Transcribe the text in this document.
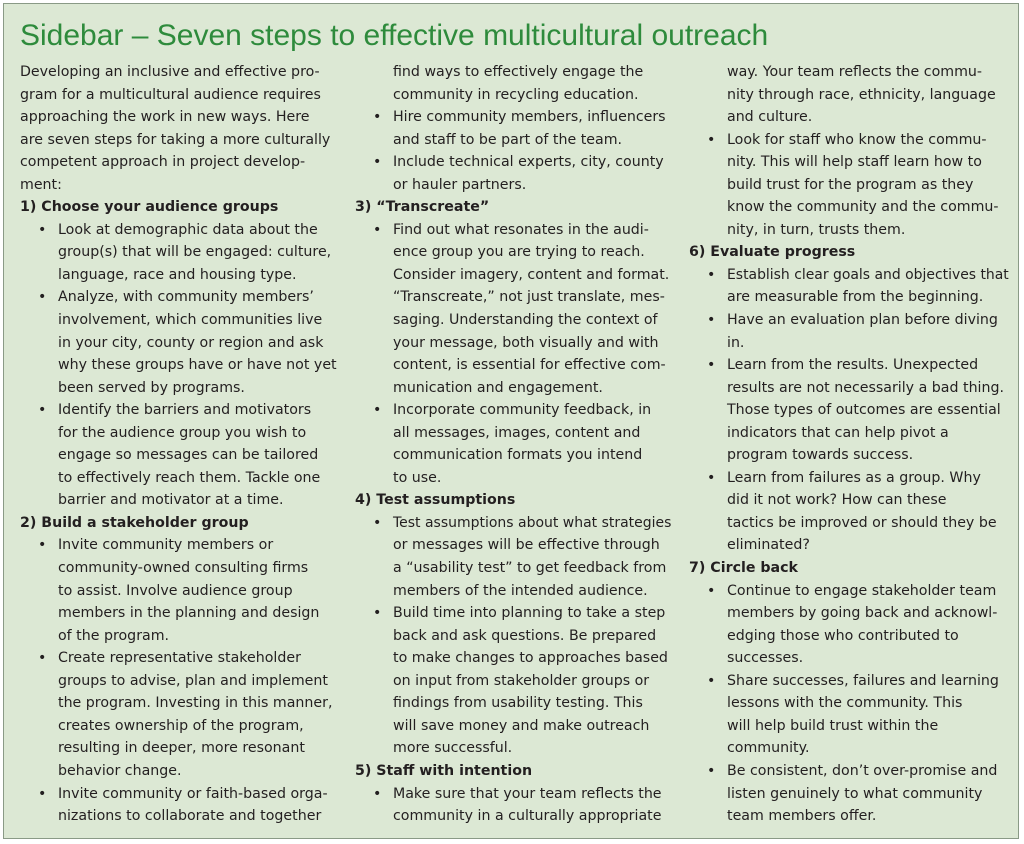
Sidebar – Seven steps to effective multicultural outreach

Developing an inclusive and effective pro-
gram for a multicultural audience requires
approaching the work in new ways. Here
are seven steps for taking a more culturally
competent approach in project develop-
ment:

1) Choose your audience groups
• Look at demographic data about the
group(s) that will be engaged: culture,
language, race and housing type.
• Analyze, with community members’
involvement, which communities live
in your city, county or region and ask
why these groups have or have not yet
been served by programs.
• Identify the barriers and motivators
for the audience group you wish to
engage so messages can be tailored
to effectively reach them. Tackle one
barrier and motivator at a time.
2) Build a stakeholder group
• Invite community members or
community-owned consulting firms
to assist. Involve audience group
members in the planning and design
of the program.
• Create representative stakeholder
groups to advise, plan and implement
the program. Investing in this manner,
creates ownership of the program,
resulting in deeper, more resonant
behavior change.
• Invite community or faith-based orga-
nizations to collaborate and together
find ways to effectively engage the
community in recycling education.
• Hire community members, influencers
and staff to be part of the team.
• Include technical experts, city, county
or hauler partners.
3) “Transcreate”
• Find out what resonates in the audi-
ence group you are trying to reach.
Consider imagery, content and format.
“Transcreate,” not just translate, mes-
saging. Understanding the context of
your message, both visually and with
content, is essential for effective com-
munication and engagement.
• Incorporate community feedback, in
all messages, images, content and
communication formats you intend
to use.
4) Test assumptions
• Test assumptions about what strategies
or messages will be effective through
a “usability test” to get feedback from
members of the intended audience.
• Build time into planning to take a step
back and ask questions. Be prepared
to make changes to approaches based
on input from stakeholder groups or
findings from usability testing. This
will save money and make outreach
more successful.
5) Staff with intention
• Make sure that your team reflects the
community in a culturally appropriate
way. Your team reflects the commu-
nity through race, ethnicity, language
and culture.
• Look for staff who know the commu-
nity. This will help staff learn how to
build trust for the program as they
know the community and the commu-
nity, in turn, trusts them.
6) Evaluate progress
• Establish clear goals and objectives that
are measurable from the beginning.
• Have an evaluation plan before diving
in.
• Learn from the results. Unexpected
results are not necessarily a bad thing.
Those types of outcomes are essential
indicators that can help pivot a
program towards success.
• Learn from failures as a group. Why
did it not work? How can these
tactics be improved or should they be
eliminated?
7) Circle back
• Continue to engage stakeholder team
members by going back and acknowl-
edging those who contributed to
successes.
• Share successes, failures and learning
lessons with the community. This
will help build trust within the
community.
• Be consistent, don’t over-promise and
listen genuinely to what community
team members offer.
